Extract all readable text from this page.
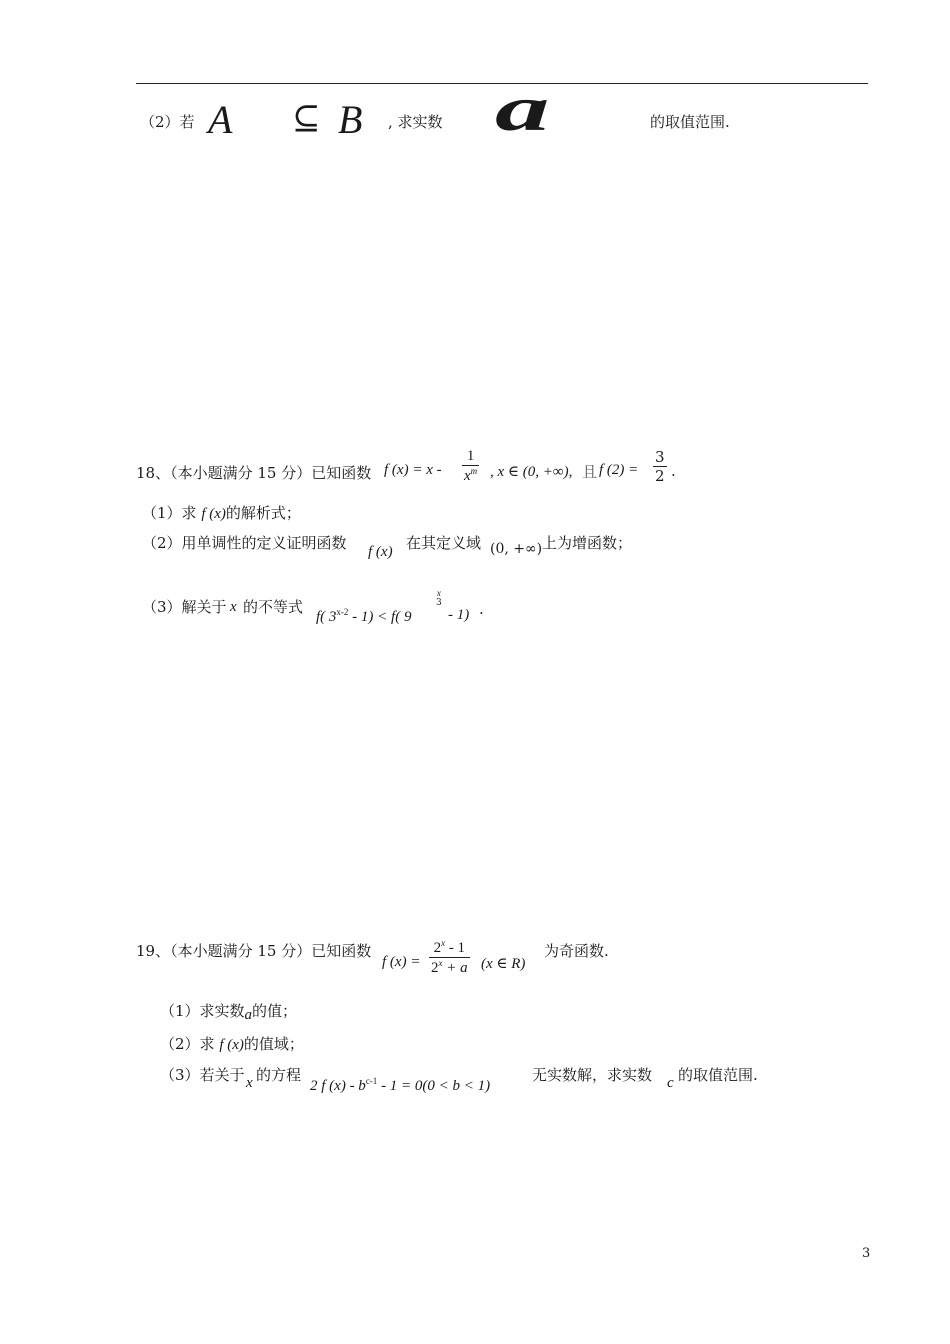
（2）若 A ⊆ B , 求实数 a	的取值范围.
18、（本小题满分 15 分）已知函数 f $(x) = x - \frac{1}{x^m}$ , x ∈ (0, +∞), 且 f $(2) = \frac{3}{2}$ .
（1）求 f (x)的解析式；
（2）用单调性的定义证明函数 f (x) 在其定义域 (0, +∞) 上为增函数；
（3）解关于 x 的不等式
f( 3$^{x-2}$ - 1) < f( 9
x
3
- 1) .
19、（本小题满分 15 分）已知函数
f $(x) = \frac{2^x - 1}{2^x + a} (x$ ∈ R)
为奇函数.
（1）求实数a的值；
（2）求 f (x)的值域；
（3）若关于 x 的方程
2 f $(x) - b^{c-1} - 1 = 0(0 < b < 1)$
无实数解，求实数 c 的取值范围.
3
